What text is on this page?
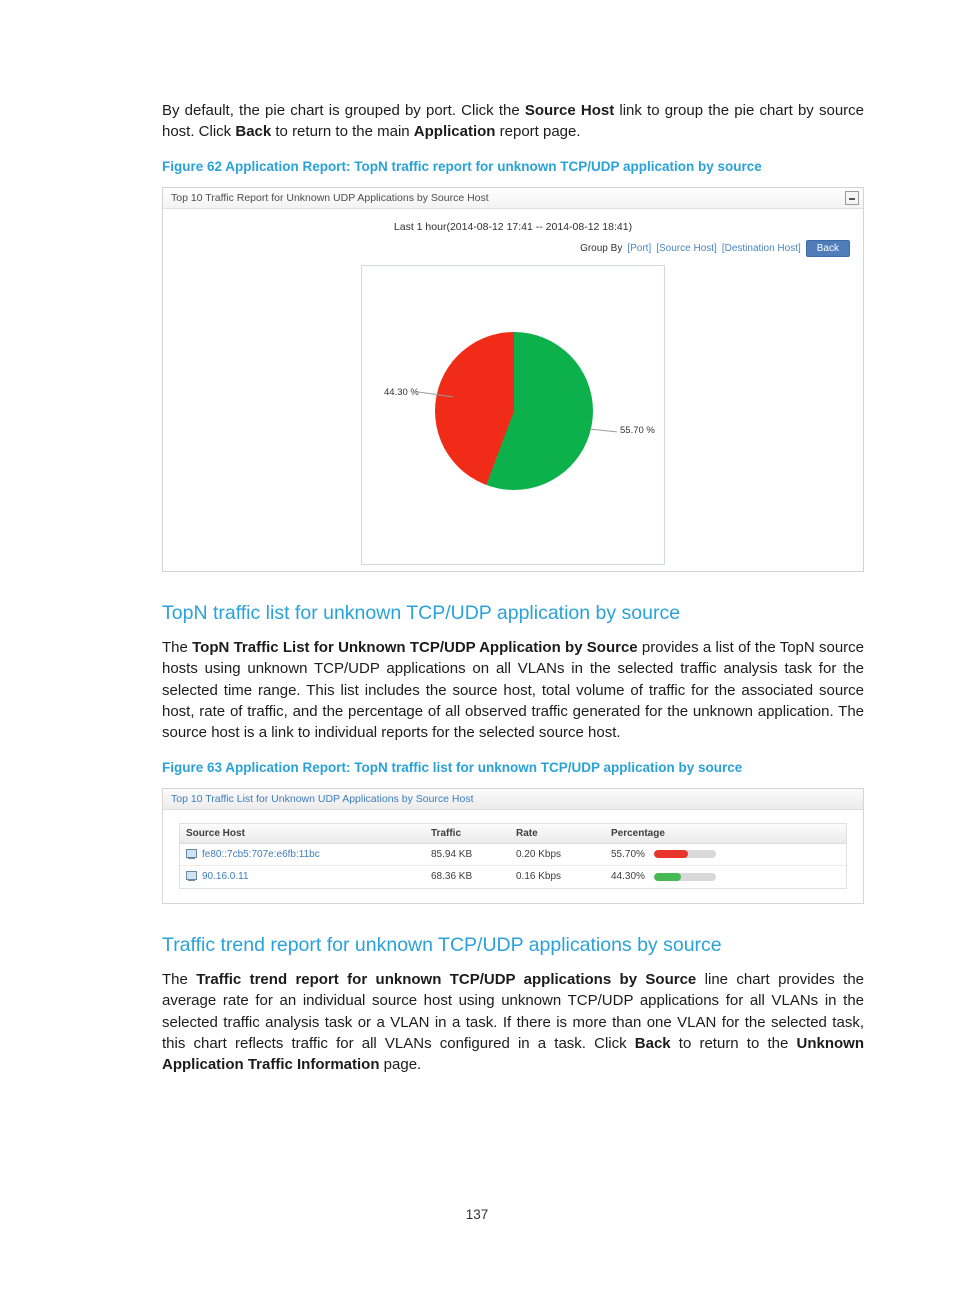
By default, the pie chart is grouped by port. Click the Source Host link to group the pie chart by source host. Click Back to return to the main Application report page.

Figure 62 Application Report: TopN traffic report for unknown TCP/UDP application by source
Top 10 Traffic Report for Unknown UDP Applications by Source Host
Last 1 hour(2014-08-12 17:41 -- 2014-08-12 18:41)
Group By [Port] [Source Host] [Destination Host]	Back
44.30 %
55.70 %
TopN traffic list for unknown TCP/UDP application by source

The TopN Traffic List for Unknown TCP/UDP Application by Source provides a list of the TopN source hosts using unknown TCP/UDP applications on all VLANs in the selected traffic analysis task for the selected time range. This list includes the source host, total volume of traffic for the associated source host, rate of traffic, and the percentage of all observed traffic generated for the unknown application. The source host is a link to individual reports for the selected source host.

Figure 63 Application Report: TopN traffic list for unknown TCP/UDP application by source
Top 10 Traffic List for Unknown UDP Applications by Source Host
Source Host	Traffic	Rate	Percentage
fe80::7cb5:707e:e6fb:11bc	85.94 KB	0.20 Kbps	55.70%
90.16.0.11	68.36 KB	0.16 Kbps	44.30%
Traffic trend report for unknown TCP/UDP applications by source

The Traffic trend report for unknown TCP/UDP applications by Source line chart provides the average rate for an individual source host using unknown TCP/UDP applications for all VLANs in the selected traffic analysis task or a VLAN in a task. If there is more than one VLAN for the selected task, this chart reflects traffic for all VLANs configured in a task. Click Back to return to the Unknown Application Traffic Information page.

137
